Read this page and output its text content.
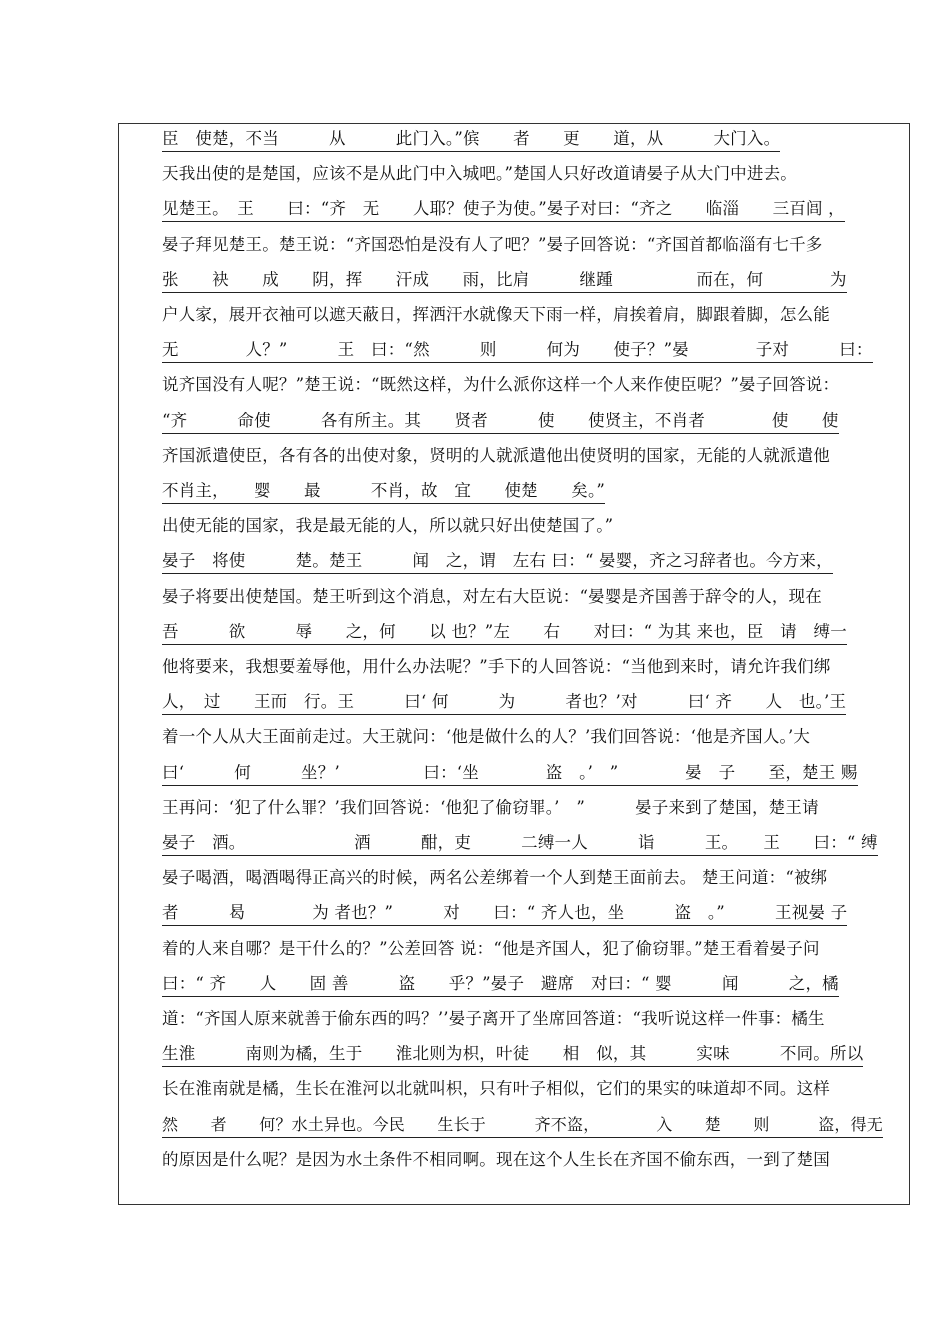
臣　使楚，不当　　　从　　　此门入。”傧　　者　　更　　道，从　　　大门入。
天我出使的是楚国，应该不是从此门中入城吧。”楚国人只好改道请晏子从大门中进去。
见楚王。　王　　曰：“齐　无　　人耶？使子为使。”晏子对曰：“齐之　　临淄　　三百闾 ，
晏子拜见楚王。楚王说：“齐国恐怕是没有人了吧？”晏子回答说：“齐国首都临淄有七千多
张　　袂　　成　　阴，挥　　汗成　　雨，比肩　　　继踵　　　　　而在，何　　　　为
户人家，展开衣袖可以遮天蔽日，挥洒汗水就像天下雨一样，肩挨着肩，脚跟着脚，怎么能
无　　　　人？”　　　王　曰：“然　　　则　　　何为　　使子？”晏　　　　子对　　　曰：
说齐国没有人呢？”楚王说：“既然这样，为什么派你这样一个人来作使臣呢？”晏子回答说：
“齐　　　命使　　　各有所主。其　　贤者　　　使　　使贤主，不肖者　　　　使　　使
齐国派遣使臣，各有各的出使对象，贤明的人就派遣他出使贤明的国家，无能的人就派遣他
不肖主，　　婴　　最　　　不肖，故　宜　　使楚　　矣。”
出使无能的国家，我是最无能的人，所以就只好出使楚国了。”
晏子　将使　　　楚。楚王　　　闻　之，谓　左右 曰：“ 晏婴，齐之习辞者也。今方来，
晏子将要出使楚国。楚王听到这个消息，对左右大臣说：“晏婴是齐国善于辞令的人，现在
吾　　　欲　　　辱　　之，何　　以 也？”左　　右　　对曰：“ 为其 来也，臣　请　缚一
他将要来，我想要羞辱他，用什么办法呢？”手下的人回答说：“当他到来时，请允许我们绑
人，　过　　王而　行。王　　　曰‘ 何　　　为　　　者也？’对　　　曰‘ 齐　　人　也。’王
着一个人从大王面前走过。大王就问：‘他是做什么的人？’我们回答说：‘他是齐国人。’大
曰‘　　　何　　　坐？’　　　　　曰：‘坐　　　　盗　。’　”　　　　晏　子　　至，楚王 赐
王再问：‘犯了什么罪？’我们回答说：‘他犯了偷窃罪。’　”　　　晏子来到了楚国，楚王请
晏子　酒。　　　　　　　酒　　　酣，吏　　　二缚一人　　　诣　　　王。　　王　　曰：“ 缚
晏子喝酒，喝酒喝得正高兴的时候，两名公差绑着一个人到楚王面前去。 楚王问道：“被绑
者　　　曷　　　　为 者也？”　　　对　　曰：“ 齐人也，坐　　　盗　。”　　　王视晏 子
着的人来自哪？是干什么的？”公差回答 说：“他是齐国人，犯了偷窃罪。”楚王看着晏子问
曰：“ 齐　　人　　固 善　　　盗　　乎？”晏子　避席　对曰：“ 婴　　　闻　　　之，橘
道：“齐国人原来就善于偷东西的吗？’’晏子离开了坐席回答道：“我听说这样一件事：橘生
生淮　　　南则为橘，生于　　淮北则为枳，叶徒　　相　似，其　　　实味　　　不同。所以
长在淮南就是橘，生长在淮河以北就叫枳，只有叶子相似，它们的果实的味道却不同。这样
然　　者　　何？水土异也。今民　　生长于　　　齐不盗，　　　　入　　楚　　则　　　盗，得无
的原因是什么呢？是因为水土条件不相同啊。现在这个人生长在齐国不偷东西，一到了楚国
